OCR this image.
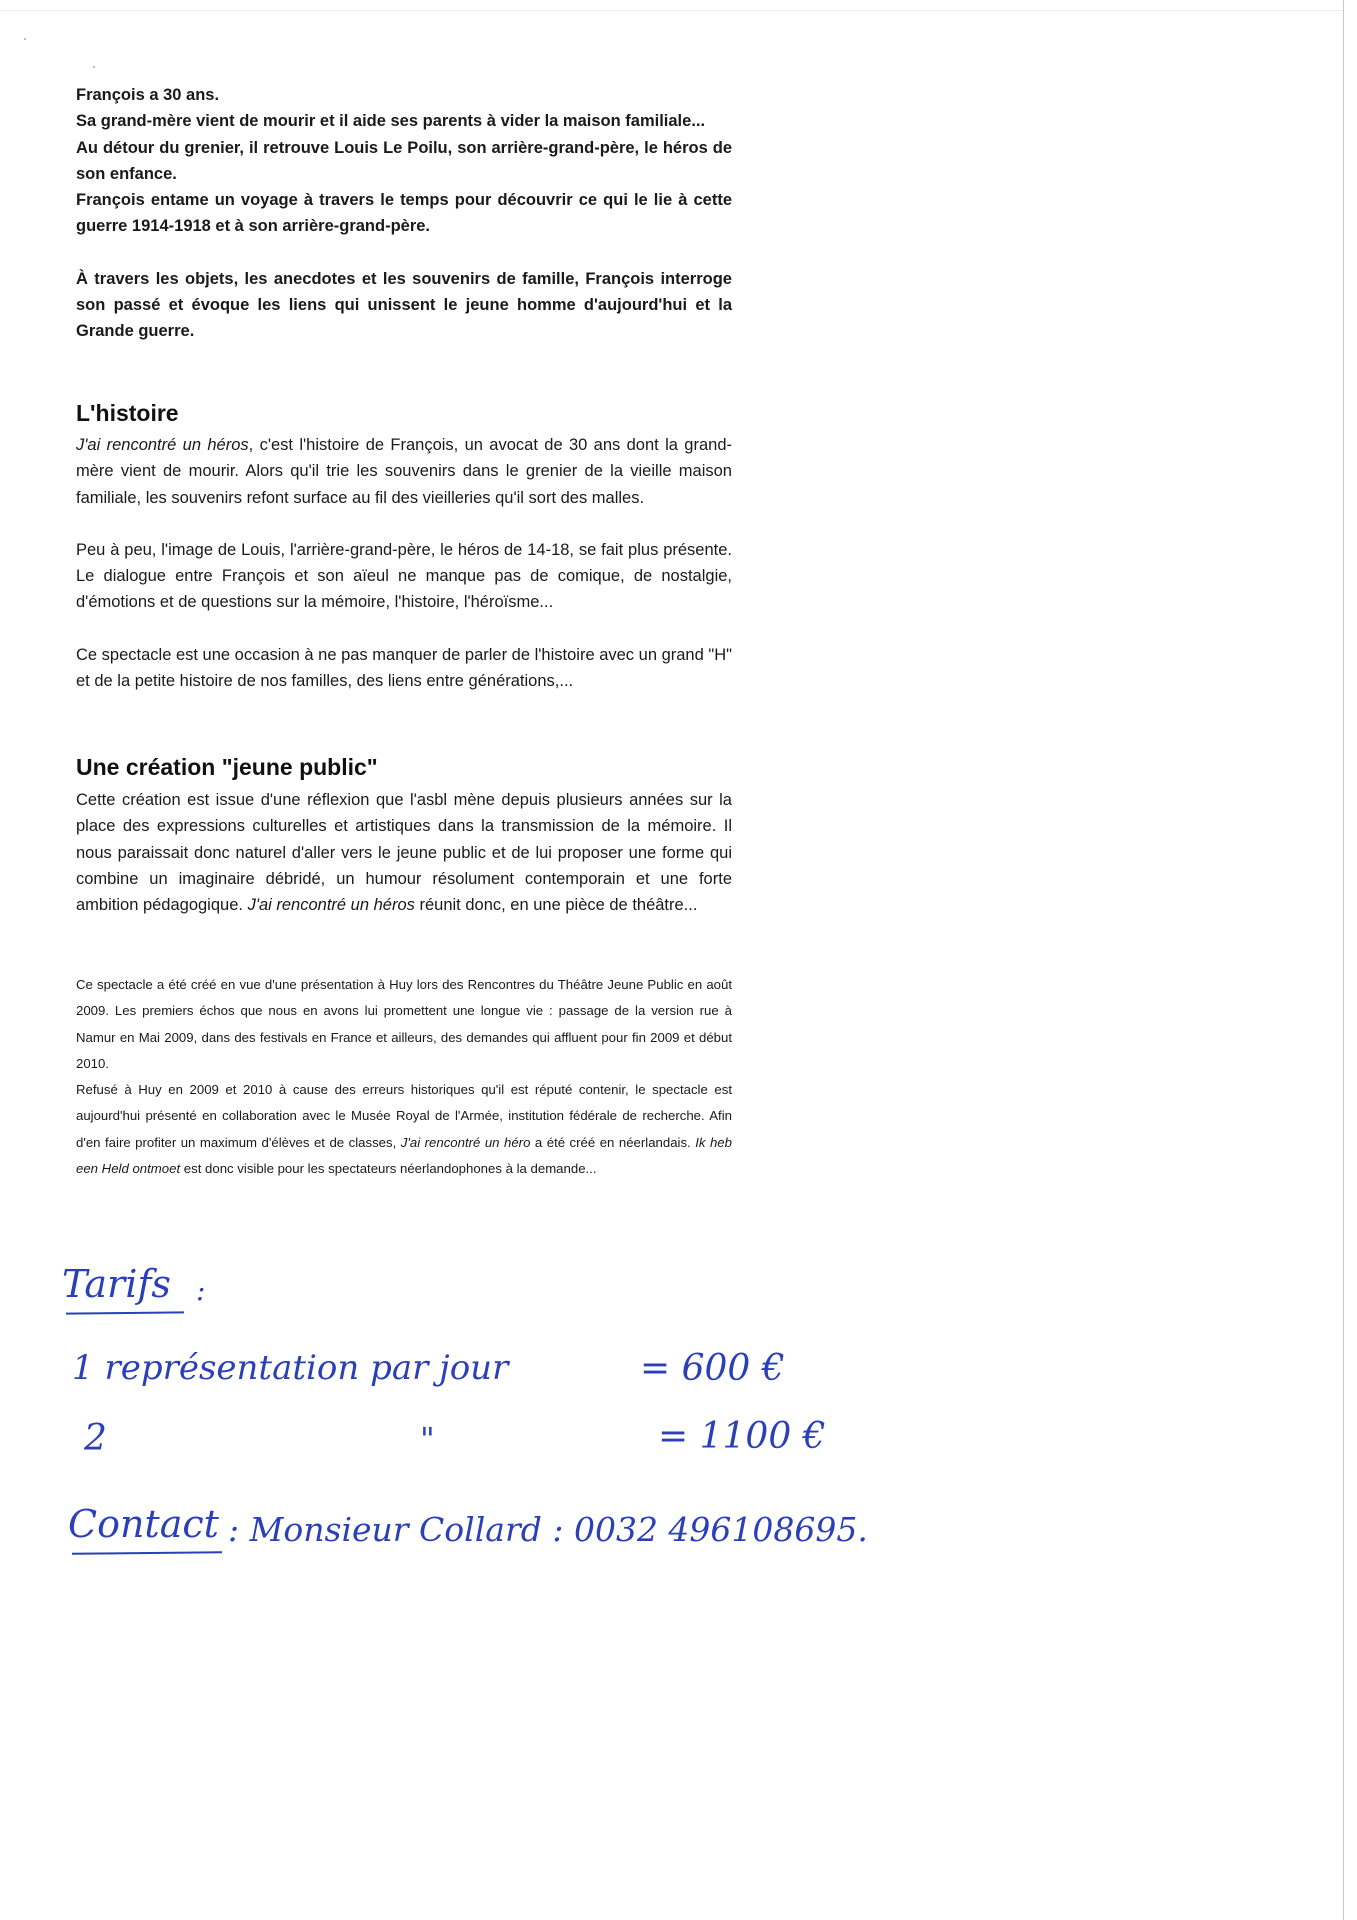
François a 30 ans.

Sa grand-mère vient de mourir et il aide ses parents à vider la maison familiale...

Au détour du grenier, il retrouve Louis Le Poilu, son arrière-grand-père, le héros de son enfance.

François entame un voyage à travers le temps pour découvrir ce qui le lie à cette guerre 1914-1918 et à son arrière-grand-père.

À travers les objets, les anecdotes et les souvenirs de famille, François interroge son passé et évoque les liens qui unissent le jeune homme d'aujourd'hui et la Grande guerre.

L'histoire

J'ai rencontré un héros, c'est l'histoire de François, un avocat de 30 ans dont la grand-mère vient de mourir. Alors qu'il trie les souvenirs dans le grenier de la vieille maison familiale, les souvenirs refont surface au fil des vieilleries qu'il sort des malles.

Peu à peu, l'image de Louis, l'arrière-grand-père, le héros de 14-18, se fait plus présente. Le dialogue entre François et son aïeul ne manque pas de comique, de nostalgie, d'émotions et de questions sur la mémoire, l'histoire, l'héroïsme...

Ce spectacle est une occasion à ne pas manquer de parler de l'histoire avec un grand "H" et de la petite histoire de nos familles, des liens entre générations,...

Une création "jeune public"

Cette création est issue d'une réflexion que l'asbl mène depuis plusieurs années sur la place des expressions culturelles et artistiques dans la transmission de la mémoire. Il nous paraissait donc naturel d'aller vers le jeune public et de lui proposer une forme qui combine un imaginaire débridé, un humour résolument contemporain et une forte ambition pédagogique. J'ai rencontré un héros réunit donc, en une pièce de théâtre...

Ce spectacle a été créé en vue d'une présentation à Huy lors des Rencontres du Théâtre Jeune Public en août 2009. Les premiers échos que nous en avons lui promettent une longue vie : passage de la version rue à Namur en Mai 2009, dans des festivals en France et ailleurs, des demandes qui affluent pour fin 2009 et début 2010.

Refusé à Huy en 2009 et 2010 à cause des erreurs historiques qu'il est réputé contenir, le spectacle est aujourd'hui présenté en collaboration avec le Musée Royal de l'Armée, institution fédérale de recherche. Afin d'en faire profiter un maximum d'élèves et de classes, J'ai rencontré un héro a été créé en néerlandais. Ik heb een Held ontmoet est donc visible pour les spectateurs néerlandophones à la demande...

Tarifs :
1 représentation par jour	= 600 €
2	"	= 1100 €
Contact : Monsieur Collard : 0032 496108695.
